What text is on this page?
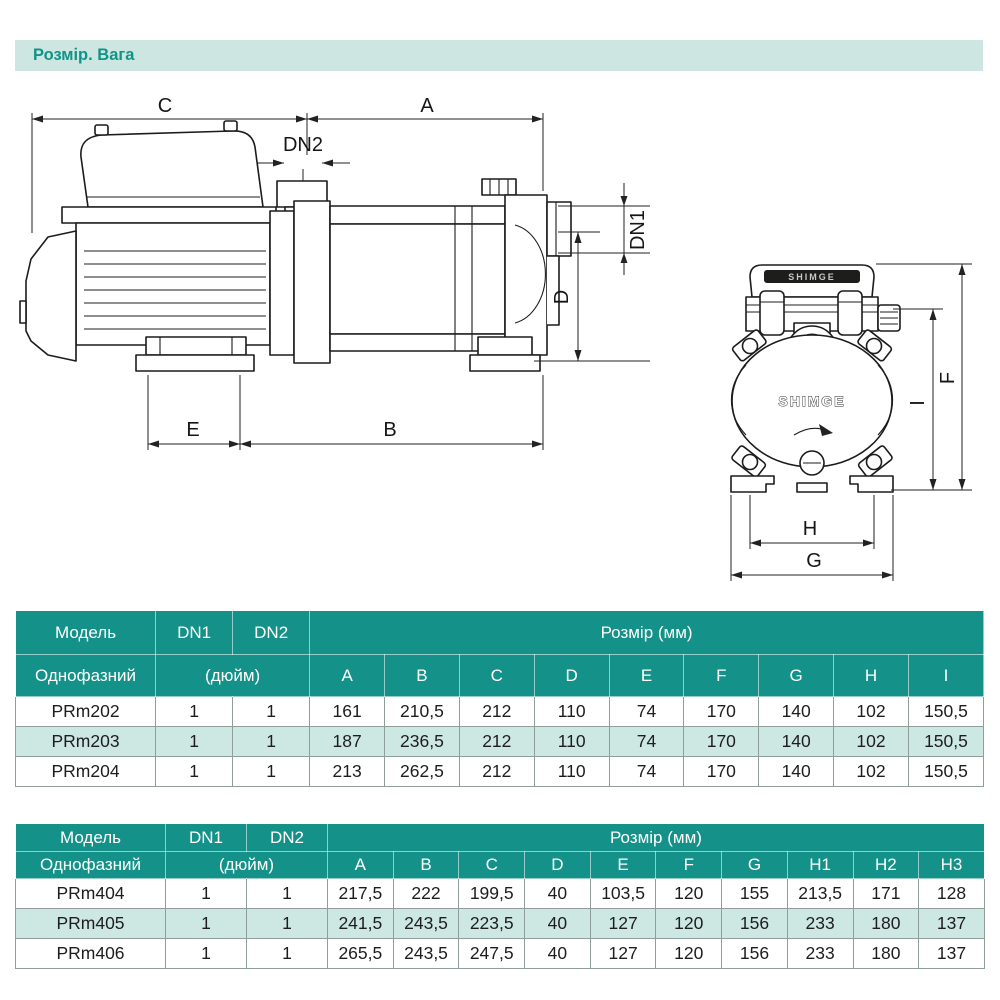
Розмір. Вага
C	A
DN2
DN1
D
E	B
SHIMGE
SHIMGE
F
I
H
G
Модель	DN1	DN2	Розмір (мм)								
Однофазний	(дюйм)		A	B	C	D	E	F	G	H	I
PRm202	1	1	161	210,5	212	110	74	170	140	102	150,5
PRm203	1	1	187	236,5	212	110	74	170	140	102	150,5
PRm204	1	1	213	262,5	212	110	74	170	140	102	150,5
Модель	DN1	DN2	Розмір (мм)									
Однофазний	(дюйм)		A	B	C	D	E	F	G	H1	H2	H3
PRm404	1	1	217,5	222	199,5	40	103,5	120	155	213,5	171	128
PRm405	1	1	241,5	243,5	223,5	40	127	120	156	233	180	137
PRm406	1	1	265,5	243,5	247,5	40	127	120	156	233	180	137
